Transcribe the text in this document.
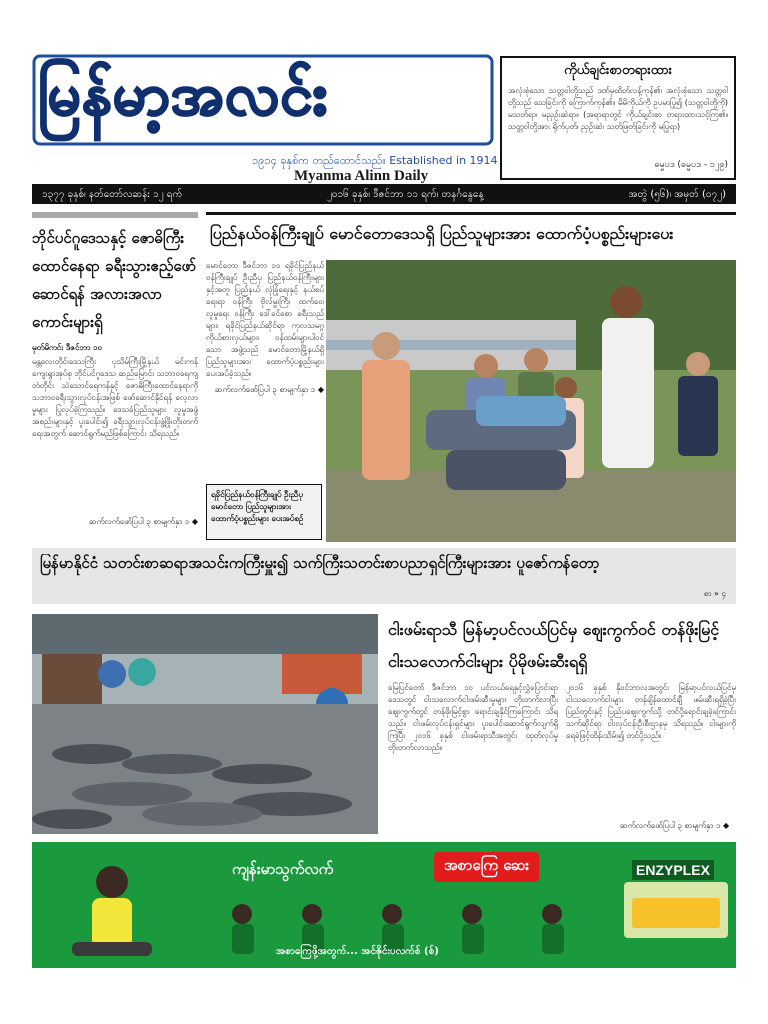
မြန်မာ့အလင်း
၁၉၁၄ ခုနှစ်က တည်ထောင်သည်။ Established in 1914
Myanma Alinn Daily
ကိုယ်ချင်းစာတရားထား
အလုံးစုံသော သတ္တဝါတို့သည် ဒဏ်မှထိတ်လန့်ကုန်၏၊ အလုံးစုံသော သတ္တဝါတို့သည် သေခြင်းကို ကြောက်ကုန်၏။ မိမိကိုယ်ကို ဥပမာပြု၍ (သတ္တဝါတို့ကို) မသတ်ရာ၊ မညှဉ်းဆဲရာ။ (အရာရာတွင် ကိုယ်ချင်းစာ တရားထားသင့်ကြ၏။ သတ္တဝါတို့အား ရိုက်ပုတ်၊ ညှဉ်းဆဲ၊ သတ်ဖြတ်ခြင်းကို မပြုရာ)
ဓမ္မပဒ (ဓမ္မပဒ - ၁၂၉)
၁၃၇၇ ခုနှစ်၊ နတ်တော်လဆန်း ၁၂ ရက်	၂၀၁၆ ခုနှစ်၊ ဒီဇင်ဘာ ၁၁ ရက်၊ တနင်္ဂနွေနေ့	အတွဲ (၅၆)၊ အမှတ် (၀၇၂)
ဘိုင်ပင်ဂူဒေသနှင့် ဇောဓိကြီးထောင်နေရာ ခရီးသွားဧည့်ဖော်ဆောင်ရန် အလားအလာကောင်းများရှိ
မုတ်မိကင်း ဒီဇင်ဘာ ၁၀
မန္တလေးတိုင်းဒေသကြီး ပုသိမ်ကြီးမြို့နယ် မင်းကန်ကျေးရွာအုပ်စု ဘိုင်ပင်ဂူဒေသ ဆည်မြောင်း သဘာဝရေကျတံတိုင်း သဲသောင်ရေကန်နှင့် ဇောဓိကြီးထောင်နေရာကို သဘာဝခရီးသွားလုပ်ငန်းအဖြစ် ဖော်ဆောင်နိုင်ရန် လေ့လာမှုများ ပြုလုပ်ခဲ့ကြသည်။ ဒေသခံပြည်သူများ လူမှုအဖွဲ့အစည်းများနှင့် ပူးပေါင်း၍ ခရီးသွားလုပ်ငန်းဖွံ့ဖြိုးတိုးတက်ရေးအတွက် ဆောင်ရွက်မည်ဖြစ်ကြောင်း သိရသည်။
ဆက်လက်ဖော်ပြပါ ၃ စာမျက်နှာ ၁ ◆
ပြည်နယ်ဝန်ကြီးချုပ် မောင်တောဒေသရှိ ပြည်သူများအား ထောက်ပံ့ပစ္စည်းများပေး
မောင်တော ဒီဇင်ဘာ ၁၀ ရခိုင်ပြည်နယ်ဝန်ကြီးချုပ် ဦးညီပု ပြည်နယ်ဝန်ကြီးများ နှင့်အတူ ပြည်နယ် လုံခြုံရေးနှင့် နယ်စပ်ရေးရာ ဝန်ကြီး ဗိုလ်မှူးကြီး ထက်ဝေ၊ လူမှုရေး ဝန်ကြီး ဒေါ်ခင်စော ခရီးသည်များ၊ ရခိုင်ပြည်နယ်ဆိုင်ရာ ကုလသမဂ္ဂကိုယ်စားလှယ်များ၊ ဝန်ထမ်းများပါဝင်သော အဖွဲ့သည် မောင်တောမြို့နယ်ရှိ ပြည်သူများအား ထောက်ပံ့ပစ္စည်းများ ပေးအပ်ခဲ့သည်။
ဆက်လက်ဖော်ပြပါ ၃ စာမျက်နှာ ၁ ◆
ရခိုင်ပြည်နယ်ဝန်ကြီးချုပ် ဦးညီပု မောင်တော ပြည်သူများအား ထောက်ပံ့ပစ္စည်းများ ပေးအပ်စဉ်
မြန်မာနိုင်ငံ သတင်းစာဆရာအသင်းကကြီးမှူး၍ သက်ကြီးသတင်းစာပညာရှင်ကြီးများအား ပူဇော်ကန်တော့
စာ » ၄
ငါးဖမ်းရာသီ မြန်မာ့ပင်လယ်ပြင်မှ ဈေးကွက်ဝင် တန်ဖိုးမြင့် ငါးသလောက်ငါးများ ပိုမိုဖမ်းဆီးရရှိ
မြေပြင်တော် ဒီဇင်ဘာ ၁၀ ပင်လယ်ရေနှင့်လွှဲပြောင်းရာ ဒေသတွင် ငါးသလောက်ငါးဖမ်းဆီးမှုများ တိုးတက်လာပြီး ဈေးကွက်တွင် တန်ဖိုးမြင့်စွာ ရောင်းချနိုင်ကြကြောင်း သိရသည်။ ငါးဖမ်းလုပ်ငန်းရှင်များ ပူးပေါင်းဆောင်ရွက်လျက်ရှိကြပြီး ၂၀၁၆ ခုနှစ် ငါးဖမ်းရာသီအတွင်း ထုတ်လုပ်မှုတိုးတက်လာသည်။
၂၀၁၆ ခုနှစ် နိုဝင်ဘာလအတွင်း မြန်မာ့ပင်လယ်ပြင်မှ ငါးသလောက်ငါးများ တန်ချိန်ထောင်ချီ ဖမ်းဆီးရရှိခဲ့ပြီး ပြည်တွင်းနှင့် ပြည်ပဈေးကွက်သို့ တင်ပို့ရောင်းချခဲ့ကြောင်း သက်ဆိုင်ရာ ငါးလုပ်ငန်းဦးစီးဌာနမှ သိရသည်။ ငါးများကို ရေခဲဖြင့်ထိန်းသိမ်း၍ တင်ပို့သည်။
ဆက်လက်ဖော်ပြပါ ၃ စာမျက်နှာ ၁ ◆
ကျန်းမာသွက်လက်	အစာကြေ ဆေး	ENZYPLEX
အစာကြေဖို့အတွက်... အင်ဇိုင်းပလက်စ် (စ်)
